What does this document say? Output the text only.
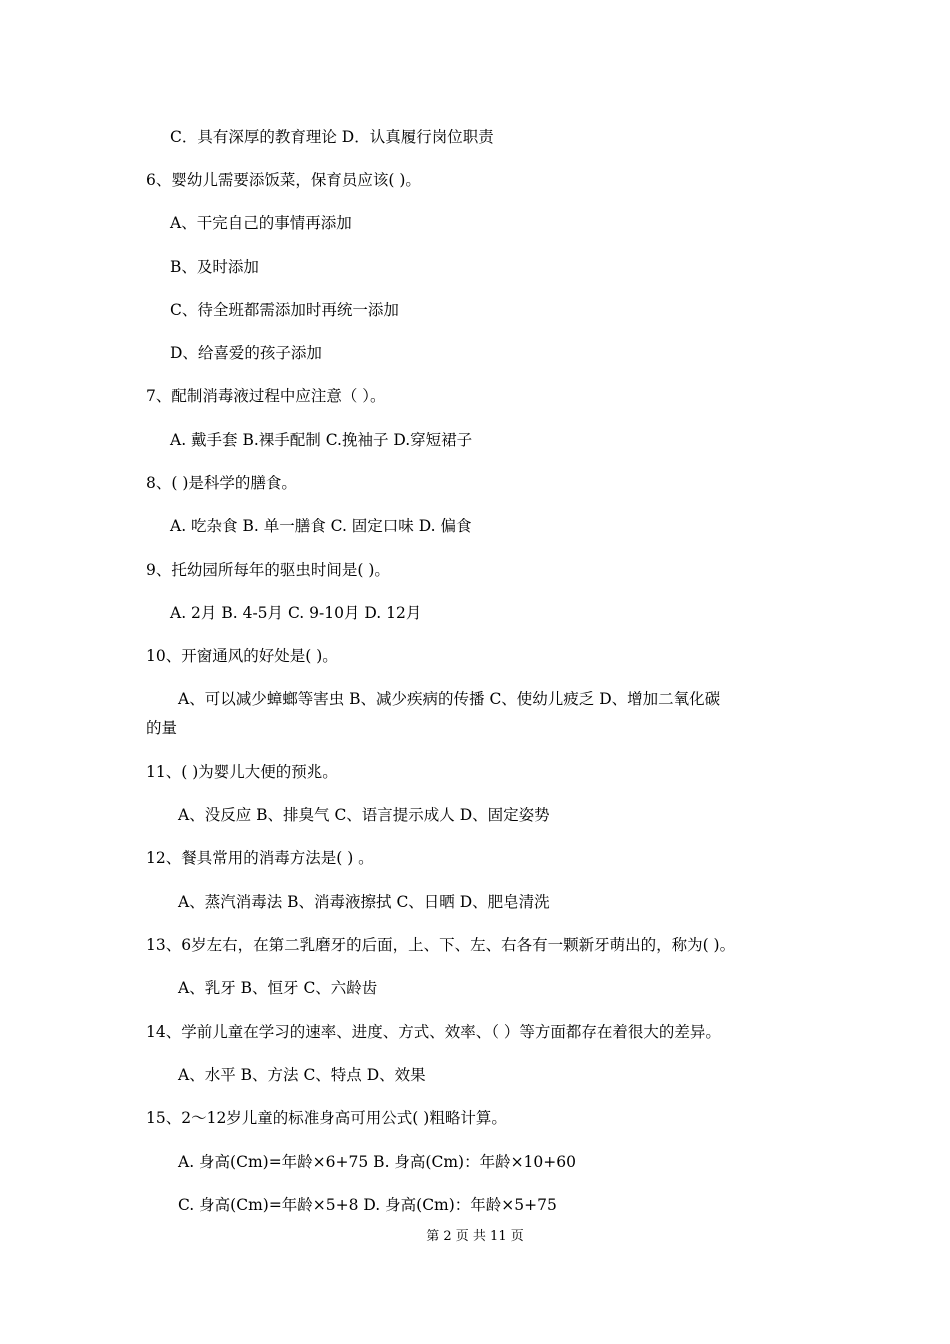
C．具有深厚的教育理论 D．认真履行岗位职责
6、婴幼儿需要添饭菜，保育员应该( )。
A、干完自己的事情再添加
B、及时添加
C、待全班都需添加时再统一添加
D、给喜爱的孩子添加
7、配制消毒液过程中应注意（ ）。
A. 戴手套 B.裸手配制 C.挽袖子 D.穿短裙子
8、( )是科学的膳食。
A. 吃杂食 B. 单一膳食 C. 固定口味 D. 偏食
9、托幼园所每年的驱虫时间是( )。
A. 2月 B. 4-5月 C. 9-10月 D. 12月
10、开窗通风的好处是( )。
A、可以减少蟑螂等害虫 B、减少疾病的传播 C、使幼儿疲乏 D、增加二氧化碳
的量
11、( )为婴儿大便的预兆。
A、没反应 B、排臭气 C、语言提示成人 D、固定姿势
12、餐具常用的消毒方法是( ) 。
A、蒸汽消毒法 B、消毒液擦拭 C、日晒 D、肥皂清洗
13、6岁左右，在第二乳磨牙的后面，上、下、左、右各有一颗新牙萌出的，称为( )。
A、乳牙 B、恒牙 C、六龄齿
14、学前儿童在学习的速率、进度、方式、效率、（ ）等方面都存在着很大的差异。
A、水平 B、方法 C、特点 D、效果
15、2～12岁儿童的标准身高可用公式( )粗略计算。
A. 身高(Cm)=年龄×6+75 B. 身高(Cm)：年龄×10+60
C. 身高(Cm)=年龄×5+8 D. 身高(Cm)：年龄×5+75
第 2 页 共 11 页
